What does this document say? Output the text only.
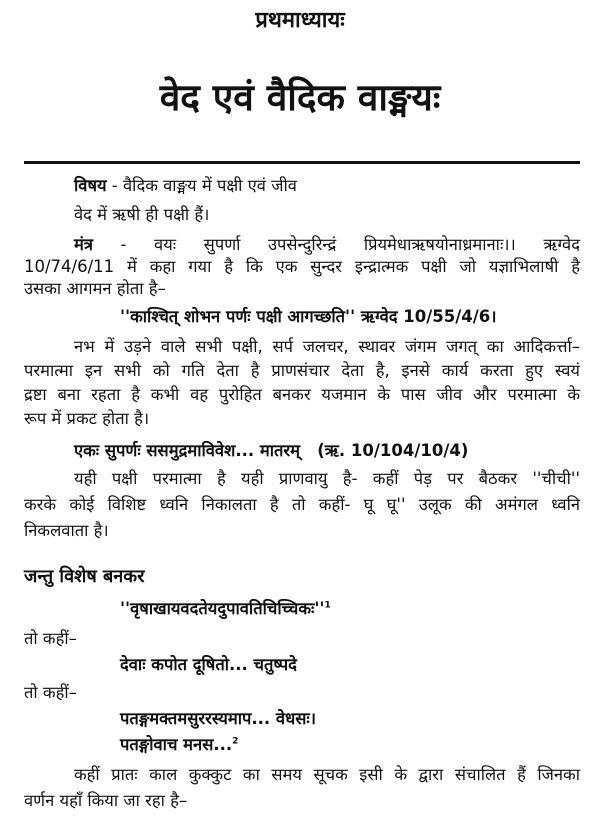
प्रथमाध्यायः
वेद एवं वैदिक वाङ्मयः
विषय - वैदिक वाङ्मय में पक्षी एवं जीव
वेद में ऋषी ही पक्षी हैं।
मंत्र - वयः सुपर्णा उपसेन्दुरिन्द्रं प्रियमेधाऋषयोनाध्रमानाः।। ऋग्वेद
10/74/6/11 में कहा गया है कि एक सुन्दर इन्द्रात्मक पक्षी जो यज्ञाभिलाषी है
उसका आगमन होता है–
''काश्चित् शोभन पर्णः पक्षी आगच्छति'' ऋग्वेद 10/55/4/6।
नभ में उड़ने वाले सभी पक्षी, सर्प जलचर, स्थावर जंगम जगत् का आदिकर्त्ता–
परमात्मा इन सभी को गति देता है प्राणसंचार देता है, इनसे कार्य करता हुए स्वयं
द्रष्टा बना रहता है कभी वह पुरोहित बनकर यजमान के पास जीव और परमात्मा के
रूप में प्रकट होता है।
एकः सुपर्णः ससमुद्रमाविवेश... मातरम्   (ऋ. 10/104/10/4)
यही पक्षी परमात्मा है यही प्राणवायु है- कहीं पेड़ पर बैठकर ''चीची''
करके कोई विशिष्ट ध्वनि निकालता है तो कहीं- घू घू'' उलूक की अमंगल ध्वनि
निकलवाता है।
जन्तु विशेष बनकर
''$वृषाखायवदतेयदुपावतिचिच्चिकः''^1$
तो कहीं–
देवाः कपोत दूषितो... चतुष्पदे
तो कहीं–
पतङ्गमक्तमसुररस्यमाप... वेधसः।
पतङ्गोवाच मनस...$^2$
कहीं प्रातः काल कुक्कुट का समय सूचक इसी के द्वारा संचालित हैं जिनका
वर्णन यहाँ किया जा रहा है–
